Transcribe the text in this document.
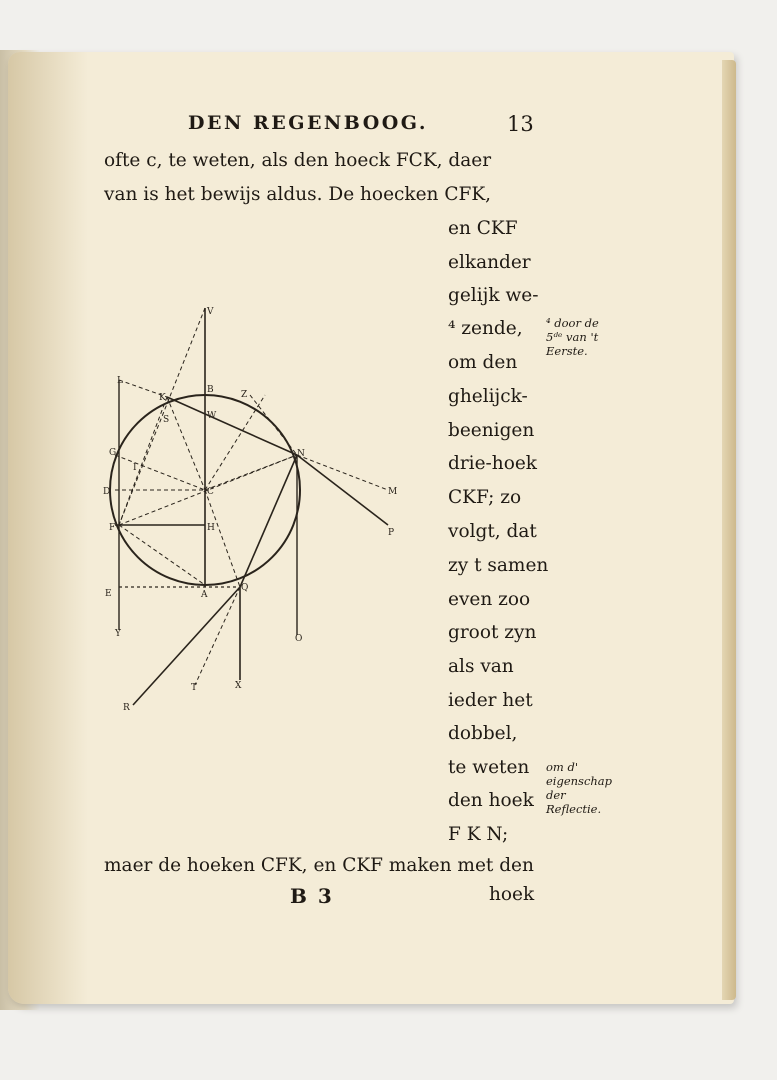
DEN REGENBOOG.	13
ofte c, te weten, als den hoeck FCK, daer
van is het bewijs aldus. De hoecken CFK,
en CKF
elkander
gelijk we-
⁴ zende,
om den
ghelijck-
beenigen
drie-hoek
CKF; zo
volgt, dat
zy t samen
even zoo
groot zyn
als van
ieder het
dobbel,
te weten
den hoek
F K N;
maer de hoeken CFK, en CKF maken met den
⁴ door de 5ᵈᵉ van 't Eerste.
om d' eigenschap der Reflectie.
B 3	hoek
V
L
K
B	Z
S	W
G
I
N
M
D	C
F	H	P
E	A
Q
Y	O
T	X
R
